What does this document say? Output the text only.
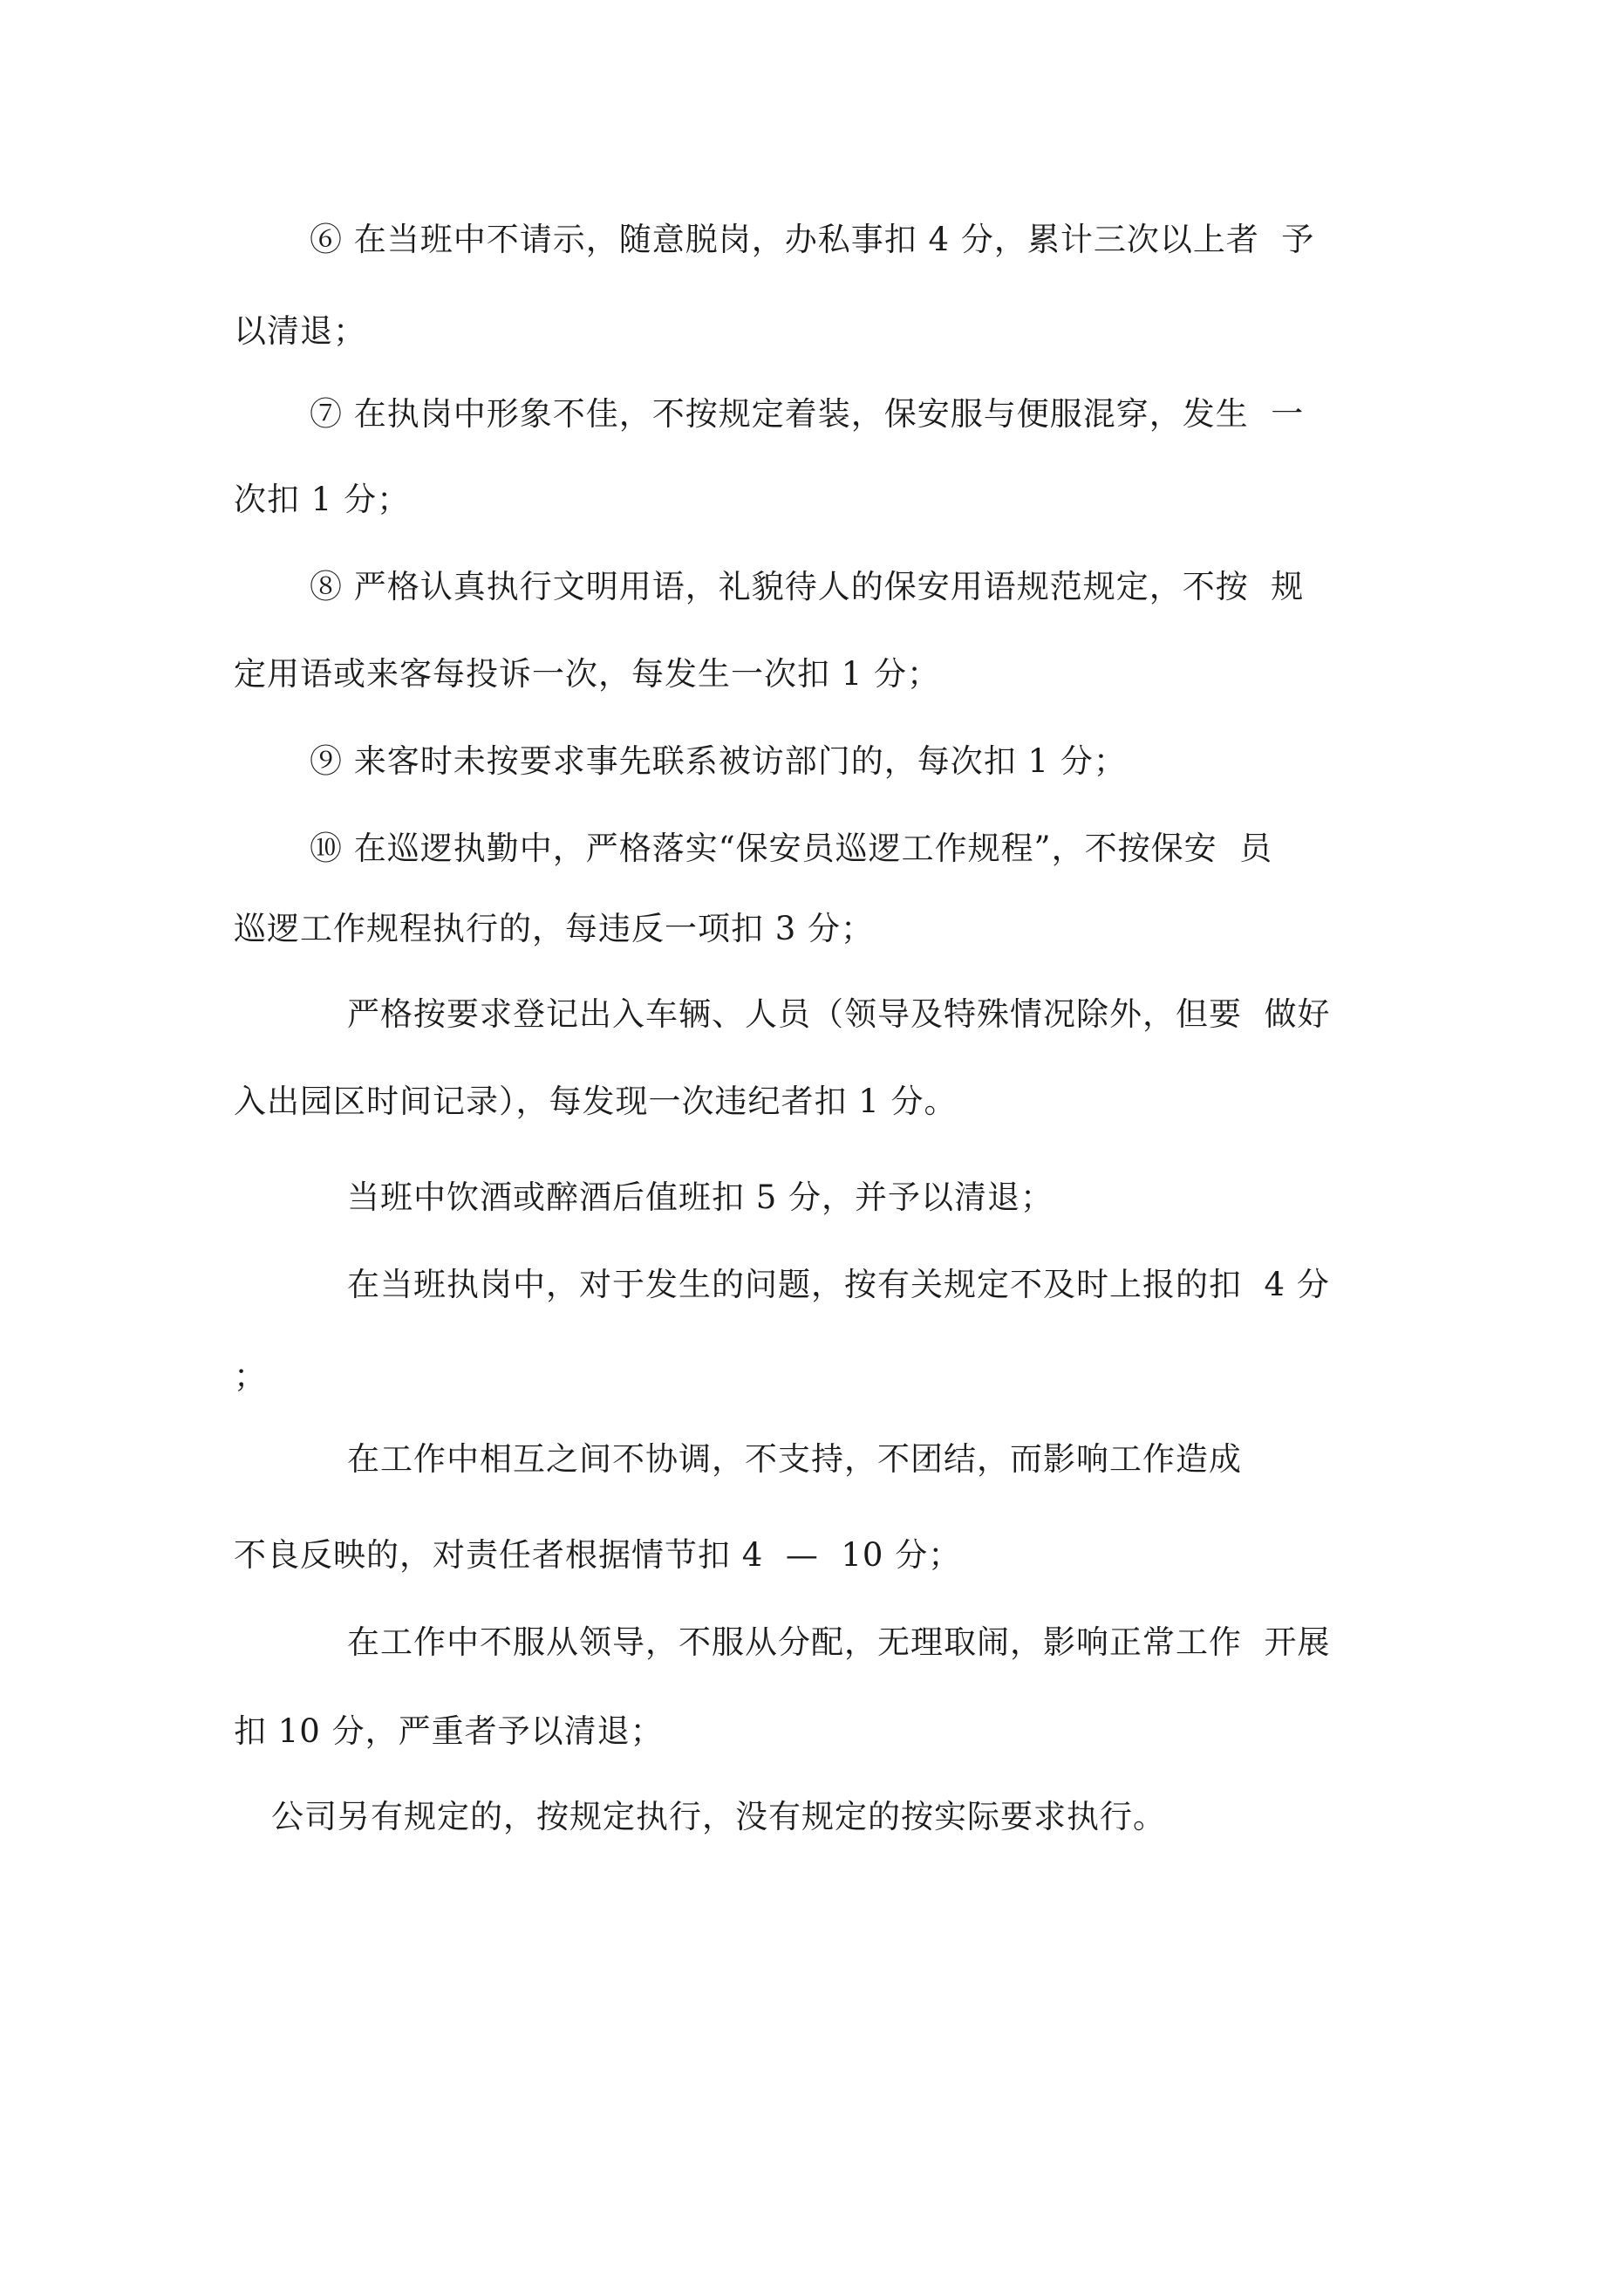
⑥ 在当班中不请示，随意脱岗，办私事扣 4 分，累计三次以上者  予

以清退；

⑦ 在执岗中形象不佳，不按规定着装，保安服与便服混穿，发生  一

次扣 1 分；

⑧ 严格认真执行文明用语，礼貌待人的保安用语规范规定，不按  规

定用语或来客每投诉一次，每发生一次扣 1 分；

⑨ 来客时未按要求事先联系被访部门的，每次扣 1 分；

⑩ 在巡逻执勤中，严格落实“保安员巡逻工作规程”，不按保安  员

巡逻工作规程执行的，每违反一项扣 3 分；

严格按要求登记出入车辆、人员（领导及特殊情况除外，但要  做好

入出园区时间记录），每发现一次违纪者扣 1 分。

当班中饮酒或醉酒后值班扣 5 分，并予以清退；

在当班执岗中，对于发生的问题，按有关规定不及时上报的扣  4 分

；

在工作中相互之间不协调，不支持，不团结，而影响工作造成

不良反映的，对责任者根据情节扣 4  —  10 分；

在工作中不服从领导，不服从分配，无理取闹，影响正常工作  开展

扣 10 分，严重者予以清退；

公司另有规定的，按规定执行，没有规定的按实际要求执行。
